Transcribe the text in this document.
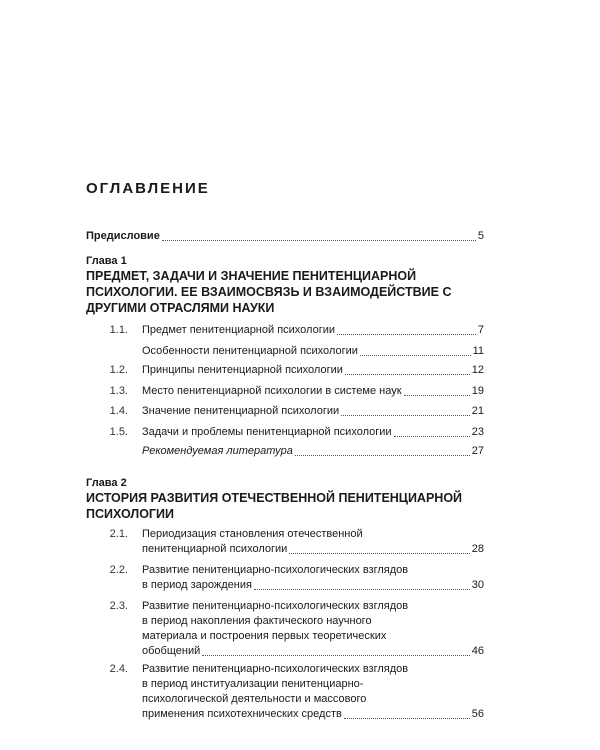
ОГЛАВЛЕНИЕ
Предисловие	5

Глава 1

ПРЕДМЕТ, ЗАДАЧИ И ЗНАЧЕНИЕ ПЕНИТЕНЦИАРНОЙ ПСИХОЛОГИИ. ЕЕ ВЗАИМОСВЯЗЬ И ВЗАИМОДЕЙСТВИЕ С ДРУГИМИ ОТРАСЛЯМИ НАУКИ

1.1. Предмет пенитенциарной психологии	7
Особенности пенитенциарной психологии	11
1.2. Принципы пенитенциарной психологии	12
1.3. Место пенитенциарной психологии в системе наук	19
1.4. Значение пенитенциарной психологии	21
1.5. Задачи и проблемы пенитенциарной психологии	23
Рекомендуемая литература	27

Глава 2

ИСТОРИЯ РАЗВИТИЯ ОТЕЧЕСТВЕННОЙ ПЕНИТЕНЦИАРНОЙ ПСИХОЛОГИИ

2.1. Периодизация становления отечественной
пенитенциарной психологии	28
2.2. Развитие пенитенциарно-психологических взглядов
в период зарождения	30
2.3. Развитие пенитенциарно-психологических взглядов
в период накопления фактического научного
материала и построения первых теоретических
обобщений	46
2.4. Развитие пенитенциарно-психологических взглядов
в период институализации пенитенциарно-
психологической деятельности и массового
применения психотехнических средств	56
